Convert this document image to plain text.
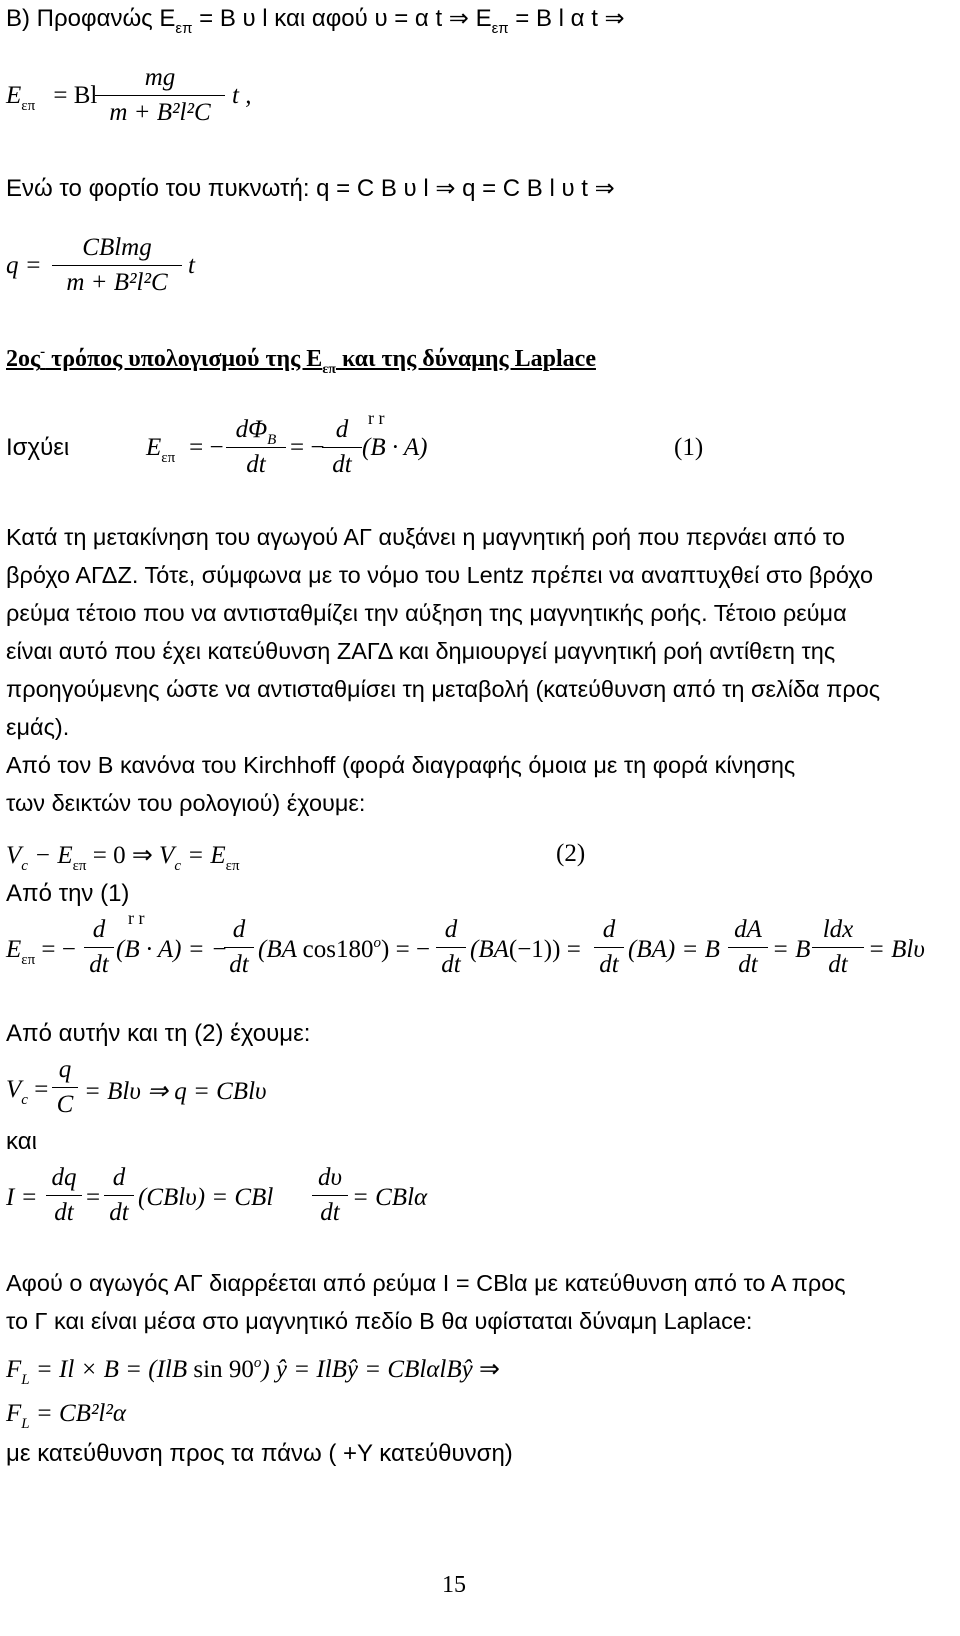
Β) Προφανώς $E_{\varepsilon\pi} = B$ υ l και αφού υ = α t ⇒ $E_{\varepsilon\pi} = B$ l α t ⇒
$E_{\varepsilon\pi} = Bl$
mg
m + B²l²C
t ,
Ενώ το φορτίο του πυκνωτή: q = C Β υ l ⇒ q = C Β l υ t ⇒
q =
CBlmg
m + B²l²C
t
2ος- τρόπος υπολογισμού της $E_{\varepsilon\pi}$ και της δύναμης Laplace
Ισχύει	$E_{\varepsilon\pi}$ = −
$d\Phi_B$
dt
= −
d
dt
r r
(B · A)	(1)
Κατά τη μετακίνηση του αγωγού ΑΓ αυξάνει η μαγνητική ροή που περνάει από το
βρόχο ΑΓΔΖ. Τότε, σύμφωνα με το νόμο του Lentz πρέπει να αναπτυχθεί στο βρόχο
ρεύμα τέτοιο που να αντισταθμίζει την αύξηση της μαγνητικής ροής. Τέτοιο ρεύμα
είναι αυτό που έχει κατεύθυνση ΖΑΓΔ και δημιουργεί μαγνητική ροή αντίθετη της
προηγούμενης ώστε να αντισταθμίσει τη μεταβολή (κατεύθυνση από τη σελίδα προς
εμάς).
Από τον Β κανόνα του Kirchhoff (φορά διαγραφής όμοια με τη φορά κίνησης
των δεικτών του ρολογιού) έχουμε:
$V_c - E_{\varepsilon\pi} = 0$ ⇒ $V_c = E_{\varepsilon\pi}$	(2)
Από την (1)
$E_{\varepsilon\pi}$ = −
d
dt
r r
(B · A) = −
d
dt
(BA $\cos 180^o$) = −
d
dt
(BA(−1)) =
d
dt
(BA) = B
dA
dt
= B
ldx
dt
= Blυ
Από αυτήν και τη (2) έχουμε:
$V_c$ =
q
C = Blυ ⇒ q = CBlυ
και
I =
dq
dt
=
d
dt
(CBlυ) = CBl
dυ
dt
= CBlα
Αφού ο αγωγός ΑΓ διαρρέεται από ρεύμα I = CBlα με κατεύθυνση από το Α προς
το Γ και είναι μέσα στο μαγνητικό πεδίο B θα υφίσταται δύναμη Laplace:
$F_L = Il \times B = (IlB$ sin 90$^o$) ŷ = IlBŷ = CBlαlBŷ ⇒
$F_L = CB^2l^2\alpha$
με κατεύθυνση προς τα πάνω ( +Υ κατεύθυνση)
15
